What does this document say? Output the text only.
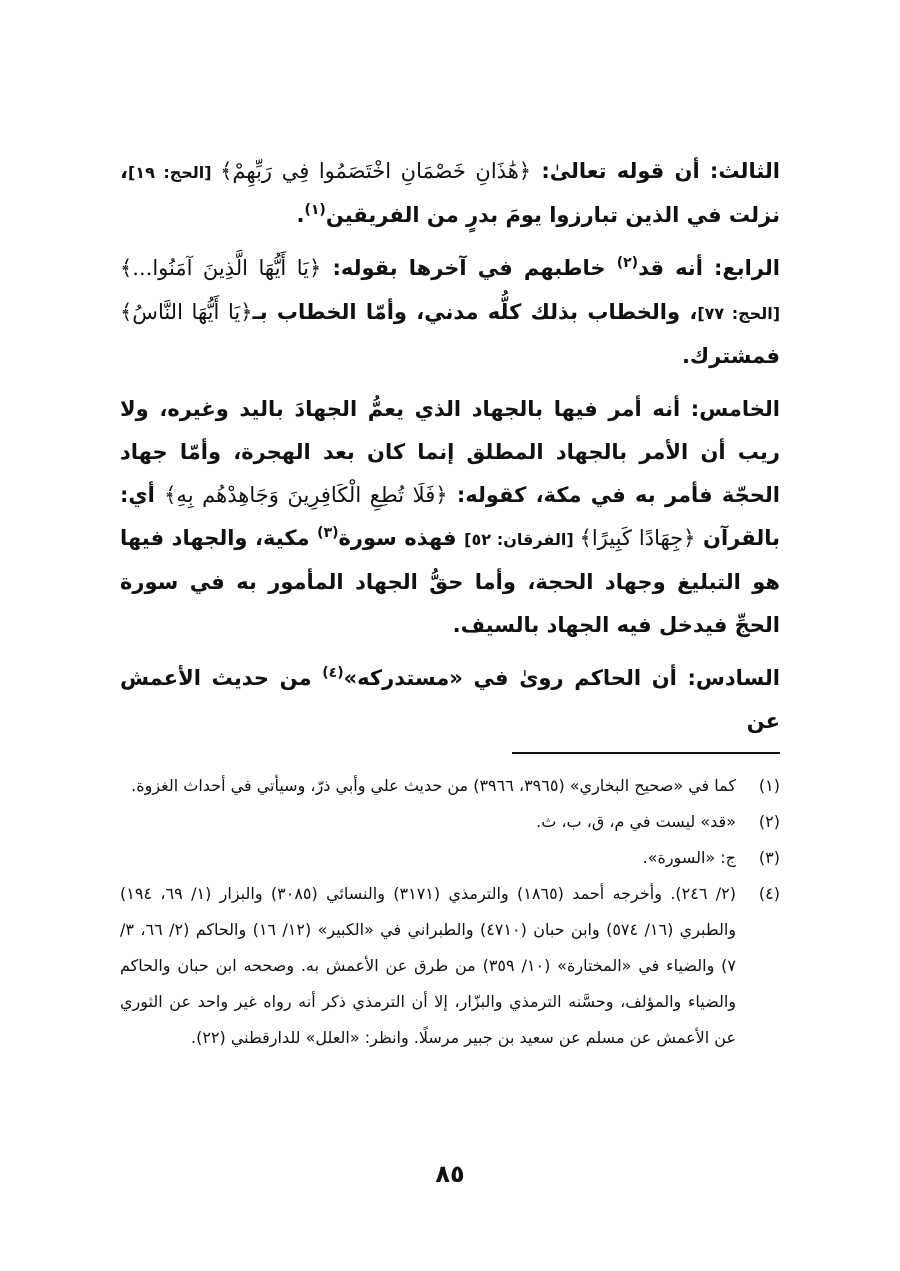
الثالث: أن قوله تعالىٰ: ﴿هَٰذَانِ خَصْمَانِ اخْتَصَمُوا فِي رَبِّهِمْ﴾ [الحج: ١٩]، نزلت في الذين تبارزوا يومَ بدرٍ من الفريقين$^{(١)}$.

الرابع: أنه قد$^{(٢)}$ خاطبهم في آخرها بقوله: ﴿يَا أَيُّهَا الَّذِينَ آمَنُوا...﴾ [الحج: ٧٧]، والخطاب بذلك كلُّه مدني، وأمّا الخطاب بـ﴿يَا أَيُّهَا النَّاسُ﴾ فمشترك.

الخامس: أنه أمر فيها بالجهاد الذي يعمُّ الجهادَ باليد وغيره، ولا ريب أن الأمر بالجهاد المطلق إنما كان بعد الهجرة، وأمّا جهاد الحجّة فأمر به في مكة، كقوله: ﴿فَلَا تُطِعِ الْكَافِرِينَ وَجَاهِدْهُم بِهِ﴾ أي: بالقرآن ﴿جِهَادًا كَبِيرًا﴾ [الفرقان: ٥٢] فهذه سورة$^{(٣)}$ مكية، والجهاد فيها هو التبليغ وجهاد الحجة، وأما حقُّ الجهاد المأمور به في سورة الحجِّ فيدخل فيه الجهاد بالسيف.

السادس: أن الحاكم روىٰ في «مستدركه»$^{(٤)}$ من حديث الأعمش عن

(١)
كما في «صحيح البخاري» (٣٩٦٥، ٣٩٦٦) من حديث علي وأبي ذرّ، وسيأتي في أحداث الغزوة.
(٢)
«قد» ليست في م، ق، ب، ث.
(٣)
ج: «السورة».
(٤)
(٢/ ٢٤٦). وأخرجه أحمد (١٨٦٥) والترمذي (٣١٧١) والنسائي (٣٠٨٥) والبزار (١/ ٦٩، ١٩٤) والطبري (١٦/ ٥٧٤) وابن حبان (٤٧١٠) والطبراني في «الكبير» (١٢/ ١٦) والحاكم (٢/ ٦٦، ٣/ ٧) والضياء في «المختارة» (١٠/ ٣٥٩) من طرق عن الأعمش به. وصححه ابن حبان والحاكم والضياء والمؤلف، وحسَّنه الترمذي والبزّار، إلا أن الترمذي ذكر أنه رواه غير واحد عن الثوري عن الأعمش عن مسلم عن سعيد بن جبير مرسلًا. وانظر: «العلل» للدارقطني (٢٢).
٨٥
